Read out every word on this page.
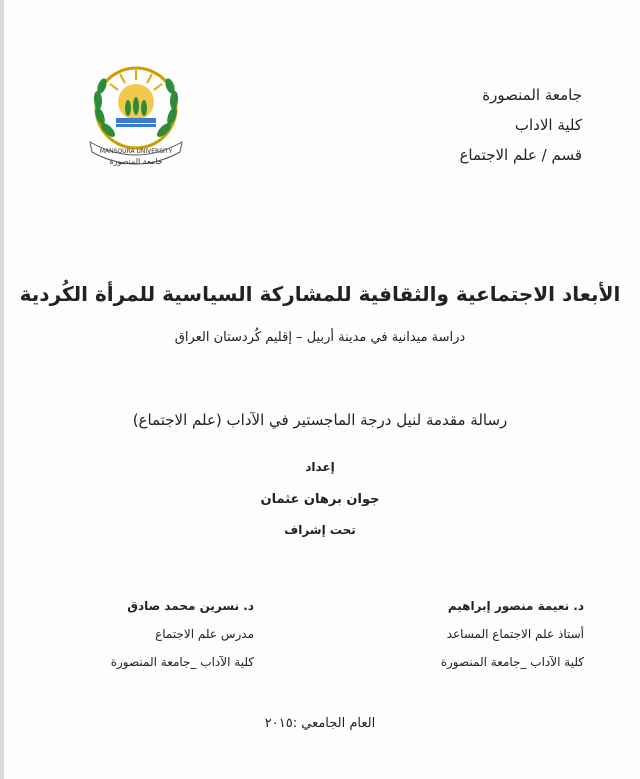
MANSOURA UNIVERSITY
جامعة المنصورة
جامعة المنصورة
كلية الاداب
قسم / علم الاجتماع
الأبعاد الاجتماعية والثقافية للمشاركة السياسية للمرأة الكُردية
دراسة ميدانية في مدينة أربيل – إقليم كُردستان العراق
رسالة مقدمة لنيل درجة الماجستير في الآداب (علم الاجتماع)
إعداد
جوان برهان عثمان
تحت إشراف
د. نعيمة منصور إبراهيم
أستاذ علم الاجتماع المساعد
كلية الآداب _جامعة المنصورة
د. نسرين محمد صادق
مدرس علم الاجتماع
كلية الآداب _جامعة المنصورة
العام الجامعي :٢٠١٥
